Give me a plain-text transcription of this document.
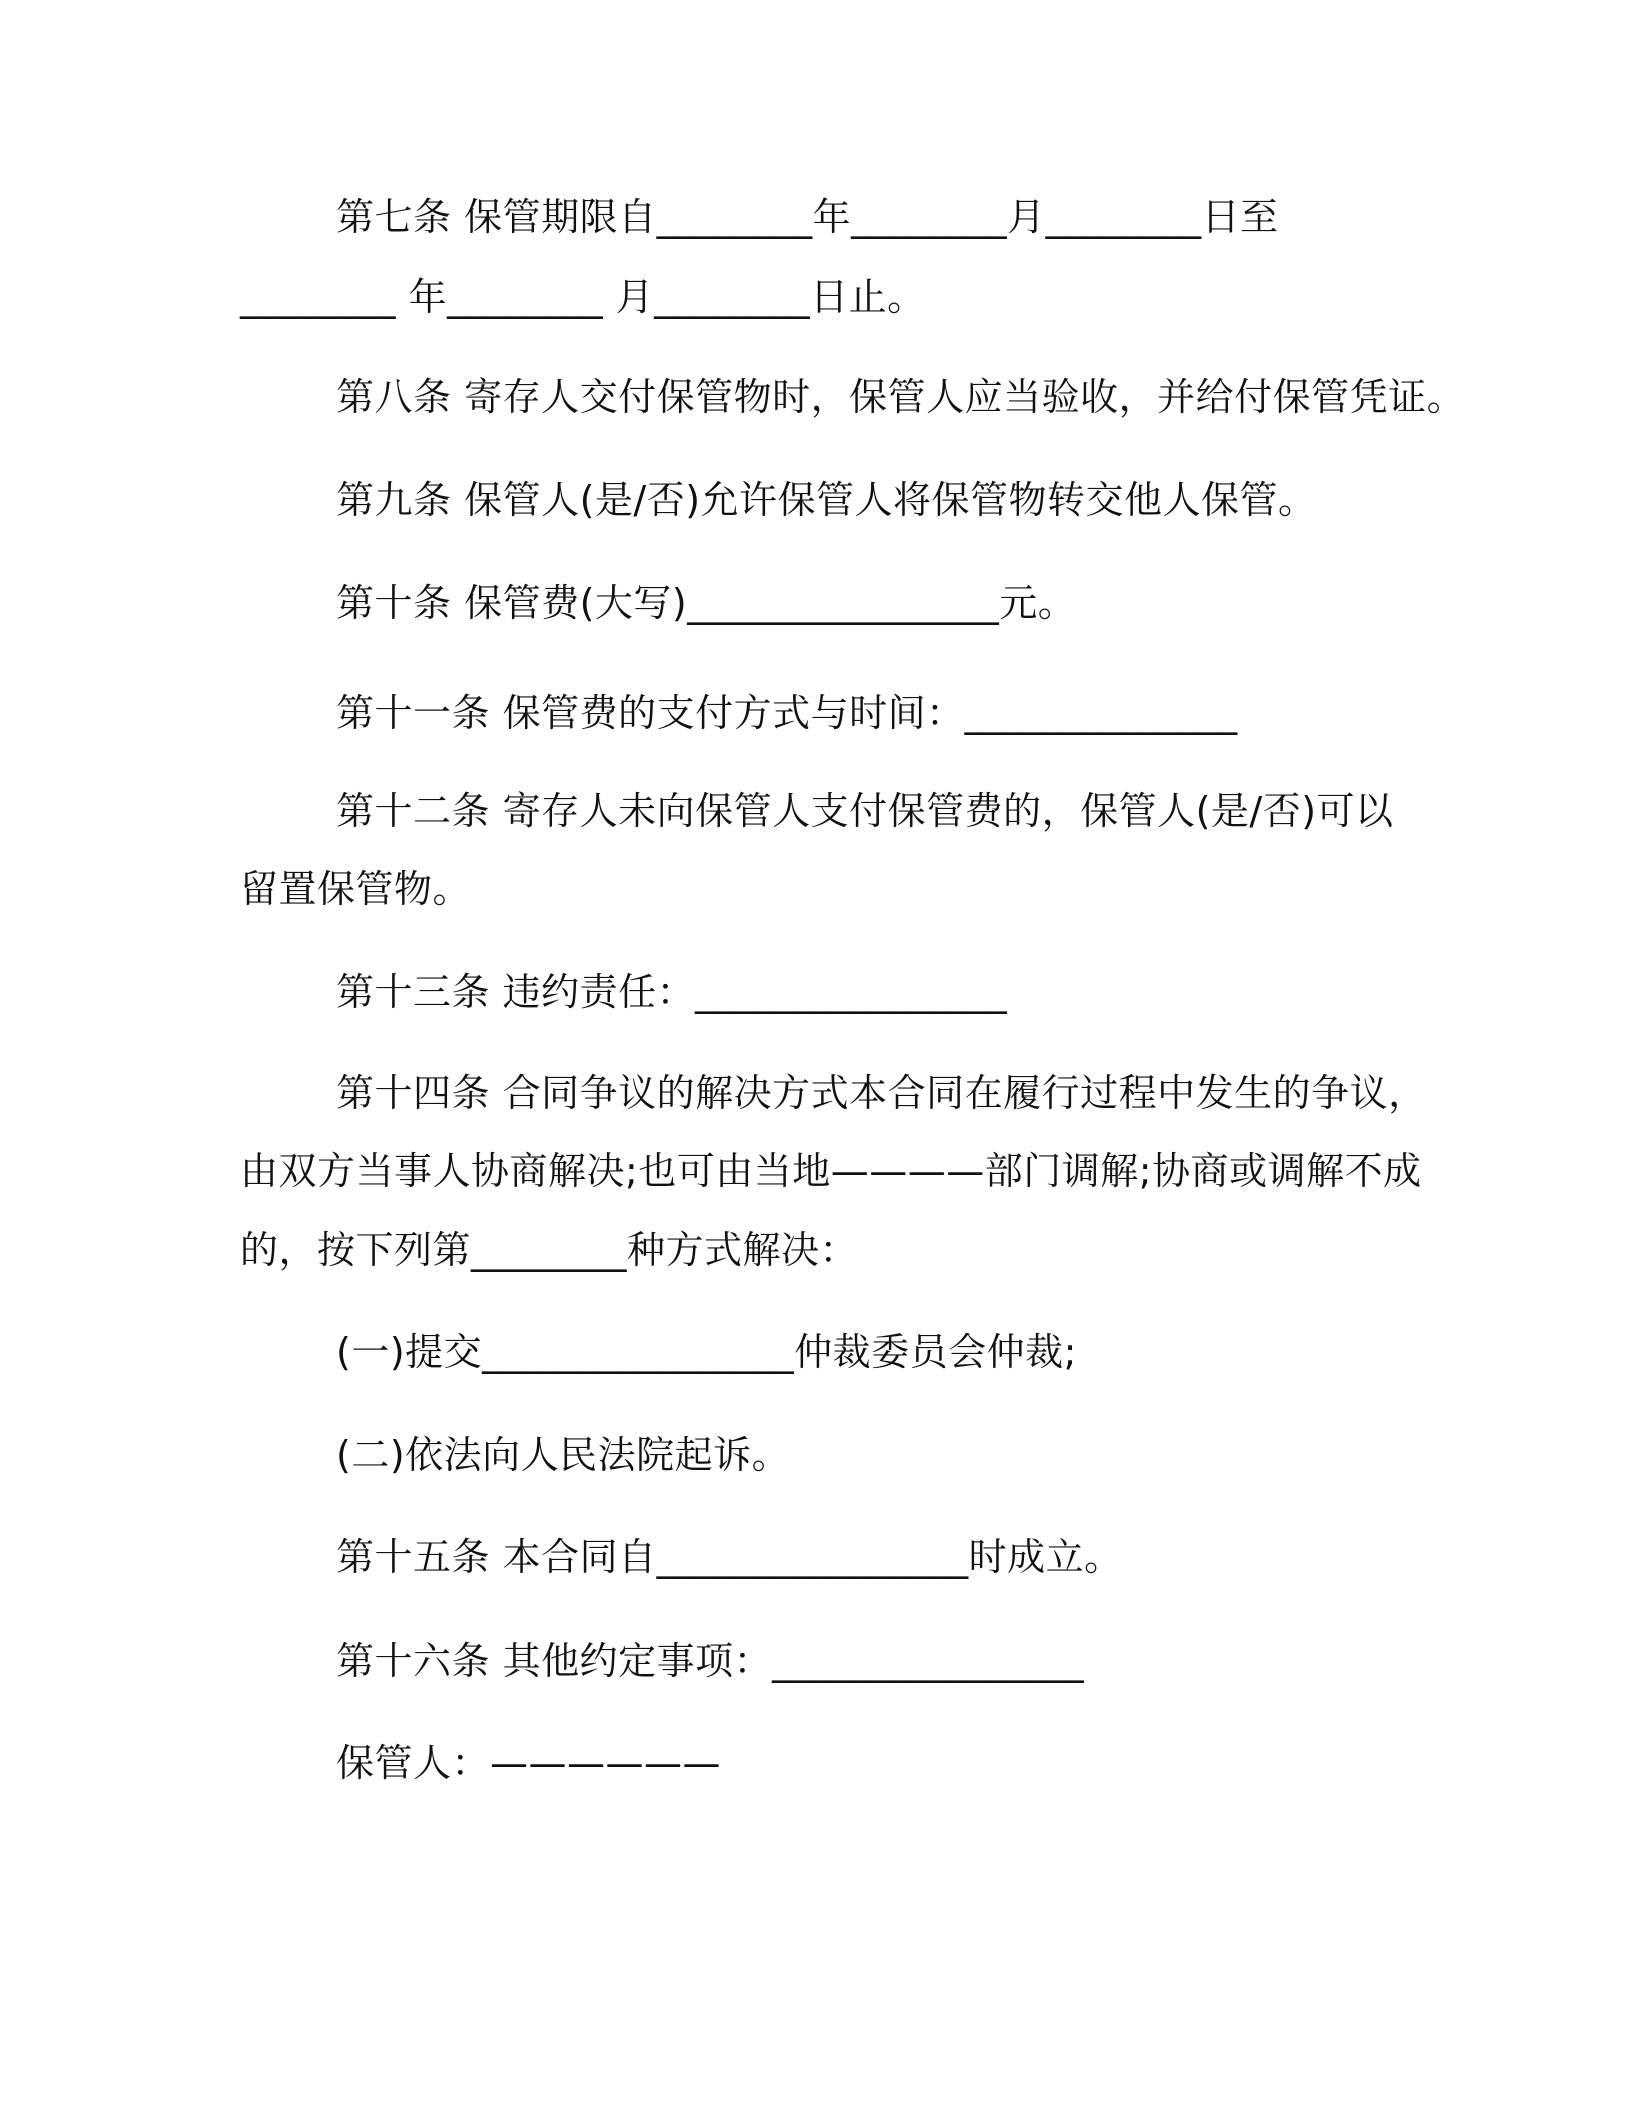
第七条 保管期限自________年________月________日至
________ 年________ 月________日止。
第八条 寄存人交付保管物时，保管人应当验收，并给付保管凭证。
第九条 保管人(是/否)允许保管人将保管物转交他人保管。
第十条 保管费(大写)________________元。
第十一条 保管费的支付方式与时间：______________
第十二条 寄存人未向保管人支付保管费的，保管人(是/否)可以
留置保管物。
第十三条 违约责任：________________
第十四条 合同争议的解决方式本合同在履行过程中发生的争议，
由双方当事人协商解决;也可由当地————部门调解;协商或调解不成
的，按下列第________种方式解决：
(一)提交________________仲裁委员会仲裁;
(二)依法向人民法院起诉。
第十五条 本合同自________________时成立。
第十六条 其他约定事项：________________
保管人：——————
